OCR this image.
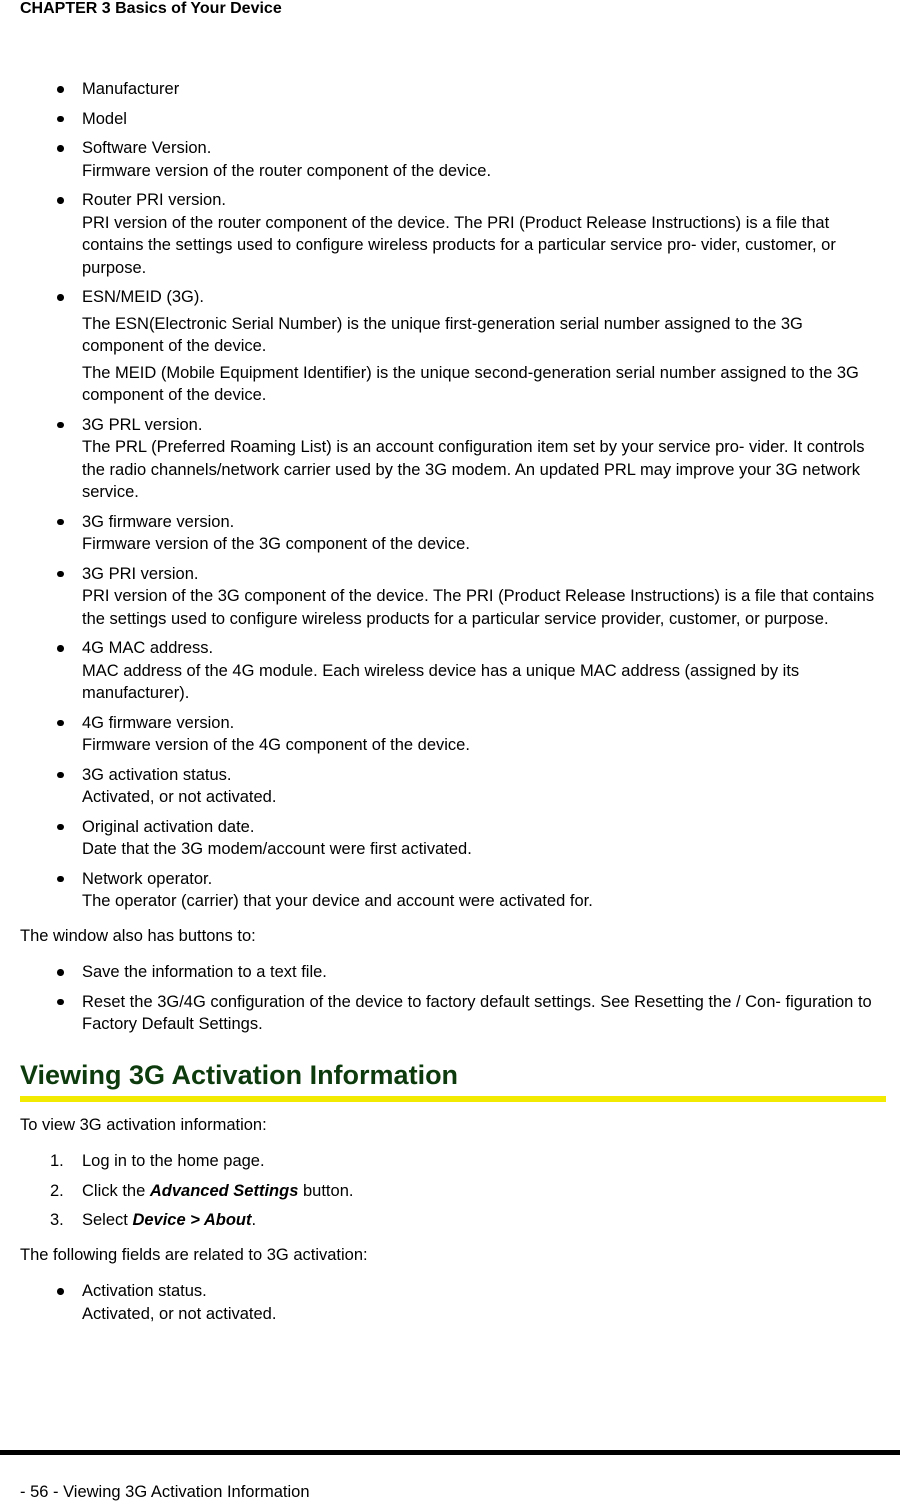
CHAPTER 3 Basics of Your Device
Manufacturer
Model
Software Version.
Firmware version of the router component of the device.
Router PRI version.
PRI version of the router component of the device. The PRI (Product Release Instructions) is a file that contains the settings used to configure wireless products for a particular service pro- vider, customer, or purpose.
ESN/MEID (3G).
The ESN(Electronic Serial Number) is the unique first-generation serial number assigned to the 3G component of the device.
The MEID (Mobile Equipment Identifier) is the unique second-generation serial number assigned to the 3G component of the device.
3G PRL version.
The PRL (Preferred Roaming List) is an account configuration item set by your service pro- vider. It controls the radio channels/network carrier used by the 3G modem. An updated PRL may improve your 3G network service.
3G firmware version.
Firmware version of the 3G component of the device.
3G PRI version.
PRI version of the 3G component of the device. The PRI (Product Release Instructions) is a file that contains the settings used to configure wireless products for a particular service provider, customer, or purpose.
4G MAC address.
MAC address of the 4G module. Each wireless device has a unique MAC address (assigned by its manufacturer).
4G firmware version.
Firmware version of the 4G component of the device.
3G activation status.
Activated, or not activated.
Original activation date.
Date that the 3G modem/account were first activated.
Network operator.
The operator (carrier) that your device and account were activated for.

The window also has buttons to:

Save the information to a text file.
Reset the 3G/4G configuration of the device to factory default settings. See Resetting the / Con- figuration to Factory Default Settings.
Viewing 3G Activation Information

To view 3G activation information:

1. Log in to the home page.
2. Click the Advanced Settings button.
3. Select Device > About.

The following fields are related to 3G activation:

Activation status.
Activated, or not activated.
- 56 - Viewing 3G Activation Information
